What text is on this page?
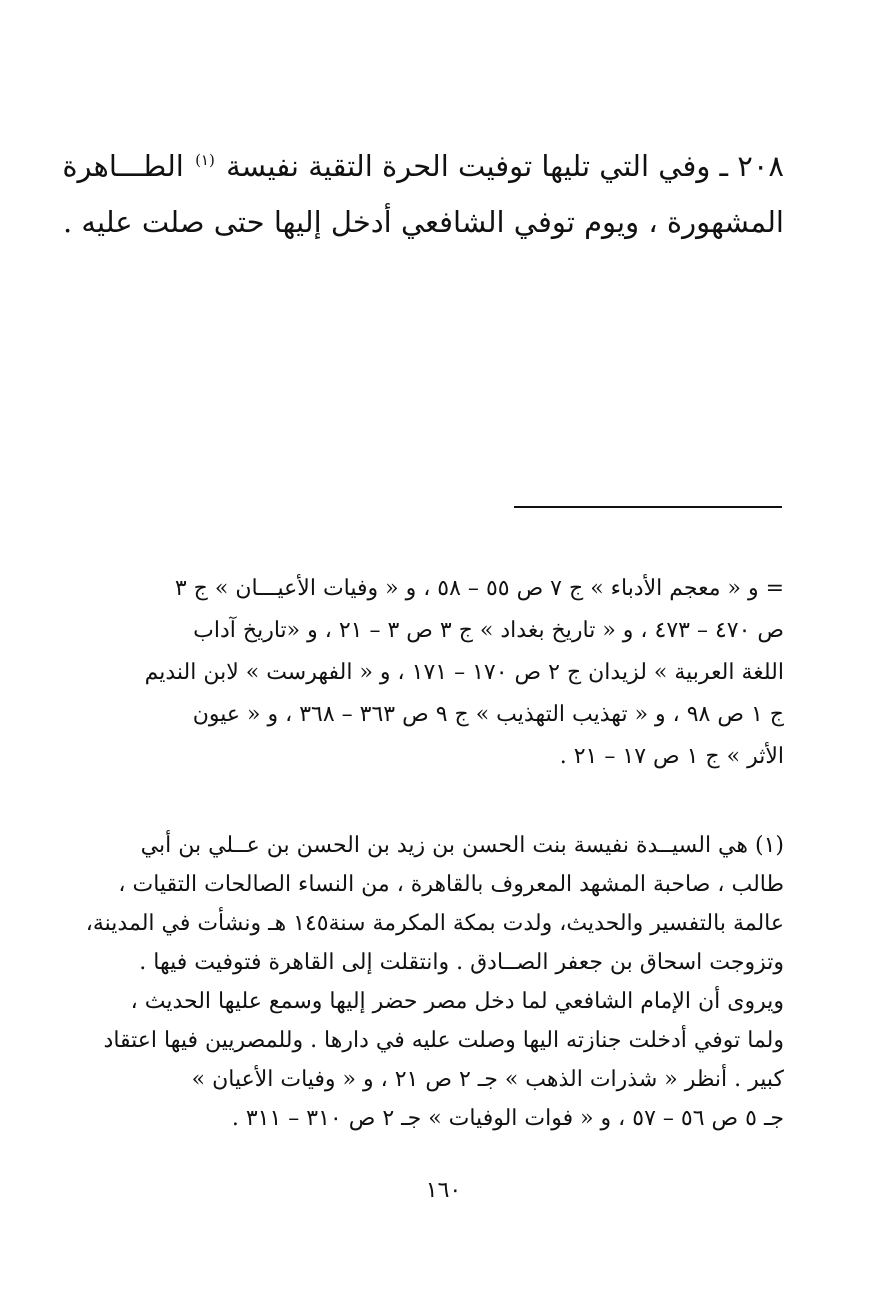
٢٠٨ ـ وفي التي تليها توفيت الحرة التقية نفيسة $^{(١)}$ الطـــاهرة
المشهورة ، ويوم توفي الشافعي أدخل إليها حتى صلت عليه .
= و « معجم الأدباء » ج ٧ ص ٥٥ – ٥٨ ، و « وفيات الأعيـــان » ج ٣
ص ٤٧٠ – ٤٧٣ ، و « تاريخ بغداد » ج ٣ ص ٣ – ٢١ ، و «تاريخ آداب
اللغة العربية » لزيدان ج ٢ ص ١٧٠ – ١٧١ ، و « الفهرست » لابن النديم
ج ١ ص ٩٨ ، و « تهذيب التهذيب » ج ٩ ص ٣٦٣ – ٣٦٨ ، و « عيون
الأثر » ج ١ ص ١٧ – ٢١ .
(١) هي السيــدة نفيسة بنت الحسن بن زيد بن الحسن بن عــلي بن أبي
طالب ، صاحبة المشهد المعروف بالقاهرة ، من النساء الصالحات التقيات ،
عالمة بالتفسير والحديث، ولدت بمكة المكرمة سنة١٤٥ هـ ونشأت في المدينة،
وتزوجت اسحاق بن جعفر الصــادق . وانتقلت إلى القاهرة فتوفيت فيها .
ويروى أن الإمام الشافعي لما دخل مصر حضر إليها وسمع عليها الحديث ،
ولما توفي أدخلت جنازته اليها وصلت عليه في دارها . وللمصريين فيها اعتقاد
كبير . أنظر « شذرات الذهب » جـ ٢ ص ٢١ ، و « وفيات الأعيان »
جـ ٥ ص ٥٦ – ٥٧ ، و « فوات الوفيات » جـ ٢ ص ٣١٠ – ٣١١ .
١٦٠
